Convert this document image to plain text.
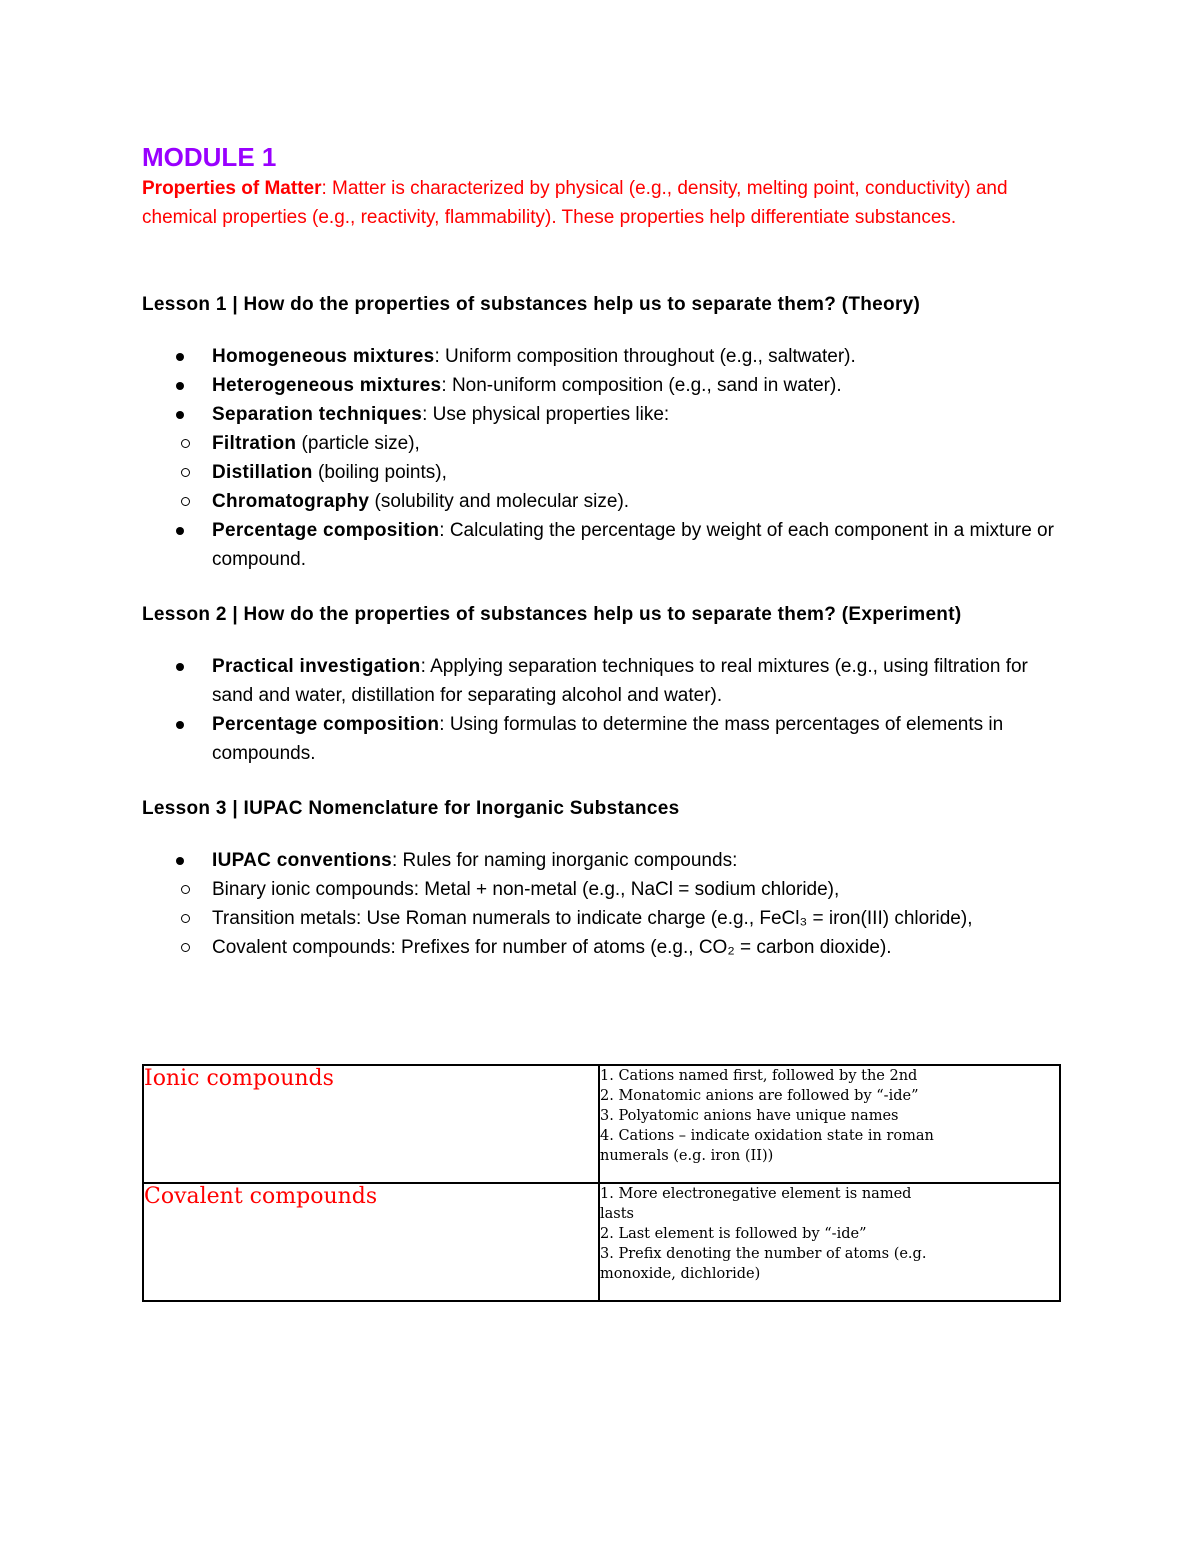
MODULE 1

Properties of Matter: Matter is characterized by physical (e.g., density, melting point, conductivity) and chemical properties (e.g., reactivity, flammability). These properties help differentiate substances.

Lesson 1 | How do the properties of substances help us to separate them? (Theory)

Homogeneous mixtures: Uniform composition throughout (e.g., saltwater).
Heterogeneous mixtures: Non-uniform composition (e.g., sand in water).
Separation techniques: Use physical properties like:
Filtration (particle size),
Distillation (boiling points),
Chromatography (solubility and molecular size).
Percentage composition: Calculating the percentage by weight of each component in a mixture or compound.

Lesson 2 | How do the properties of substances help us to separate them? (Experiment)

Practical investigation: Applying separation techniques to real mixtures (e.g., using filtration for sand and water, distillation for separating alcohol and water).
Percentage composition: Using formulas to determine the mass percentages of elements in compounds.

Lesson 3 | IUPAC Nomenclature for Inorganic Substances

IUPAC conventions: Rules for naming inorganic compounds:
Binary ionic compounds: Metal + non-metal (e.g., NaCl = sodium chloride),
Transition metals: Use Roman numerals to indicate charge (e.g., FeCl₃ = iron(III) chloride),
Covalent compounds: Prefixes for number of atoms (e.g., CO₂ = carbon dioxide).
Ionic compounds	1. Cations named first, followed by the 2nd
2. Monatomic anions are followed by “-ide”
3. Polyatomic anions have unique names
4. Cations – indicate oxidation state in roman
numerals (e.g. iron (II))

Covalent compounds	1. More electronegative element is named
lasts
2. Last element is followed by “-ide”
3. Prefix denoting the number of atoms (e.g.
monoxide, dichloride)
